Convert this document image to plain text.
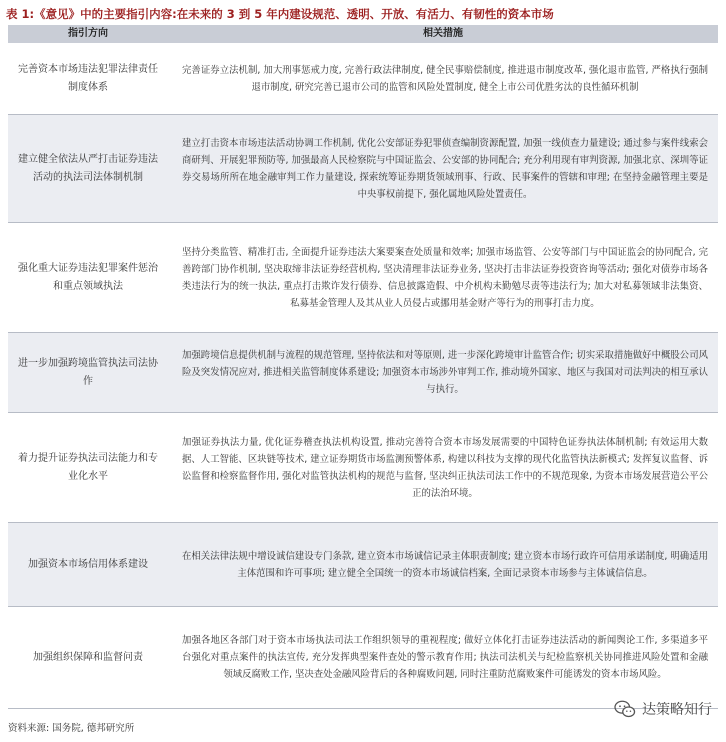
表 1:《意见》中的主要指引内容:在未来的 3 到 5 年内建设规范、透明、开放、有活力、有韧性的资本市场
指引方向	相关措施
完善资本市场违法犯罪法律责任制度体系
完善证券立法机制, 加大刑事惩戒力度, 完善行政法律制度, 健全民事赔偿制度, 推进退市制度改革, 强化退市监管, 严格执行强制退市制度, 研究完善已退市公司的监管和风险处置制度, 健全上市公司优胜劣汰的良性循环机制
建立健全依法从严打击证券违法活动的执法司法体制机制
建立打击资本市场违法活动协调工作机制, 优化公安部证券犯罪侦查编制资源配置, 加强一线侦查力量建设; 通过参与案件线索会商研判、开展犯罪预防等, 加强最高人民检察院与中国证监会、公安部的协同配合; 充分利用现有审判资源, 加强北京、深圳等证券交易场所所在地金融审判工作力量建设, 探索统筹证券期货领域刑事、行政、民事案件的管辖和审理; 在坚持金融管理主要是中央事权前提下, 强化属地风险处置责任。
强化重大证券违法犯罪案件惩治和重点领域执法
坚持分类监管、精准打击, 全面提升证券违法大案要案查处质量和效率; 加强市场监管、公安等部门与中国证监会的协同配合, 完善跨部门协作机制, 坚决取缔非法证券经营机构, 坚决清理非法证券业务, 坚决打击非法证券投资咨询等活动; 强化对债券市场各类违法行为的统一执法, 重点打击欺诈发行债券、信息披露造假、中介机构未勤勉尽责等违法行为; 加大对私募领域非法集资、私募基金管理人及其从业人员侵占或挪用基金财产等行为的刑事打击力度。
进一步加强跨境监管执法司法协作
加强跨境信息提供机制与流程的规范管理, 坚持依法和对等原则, 进一步深化跨境审计监管合作; 切实采取措施做好中概股公司风险及突发情况应对, 推进相关监管制度体系建设; 加强资本市场涉外审判工作, 推动境外国家、地区与我国对司法判决的相互承认与执行。
着力提升证券执法司法能力和专业化水平
加强证券执法力量, 优化证券稽查执法机构设置, 推动完善符合资本市场发展需要的中国特色证券执法体制机制; 有效运用大数据、人工智能、区块链等技术, 建立证券期货市场监测预警体系, 构建以科技为支撑的现代化监管执法新模式; 发挥复议监督、诉讼监督和检察监督作用, 强化对监管执法机构的规范与监督, 坚决纠正执法司法工作中的不规范现象, 为资本市场发展营造公平公正的法治环境。
加强资本市场信用体系建设
在相关法律法规中增设诚信建设专门条款, 建立资本市场诚信记录主体职责制度; 建立资本市场行政许可信用承诺制度, 明确适用主体范围和许可事项; 建立健全全国统一的资本市场诚信档案, 全面记录资本市场参与主体诚信信息。
加强组织保障和监督问责
加强各地区各部门对于资本市场执法司法工作组织领导的重视程度; 做好立体化打击证券违法活动的新闻舆论工作, 多渠道多平台强化对重点案件的执法宣传, 充分发挥典型案件查处的警示教育作用; 执法司法机关与纪检监察机关协同推进风险处置和金融领域反腐败工作, 坚决查处金融风险背后的各种腐败问题, 同时注重防范腐败案件可能诱发的资本市场风险。
资料来源: 国务院, 德邦研究所
达策略知行
